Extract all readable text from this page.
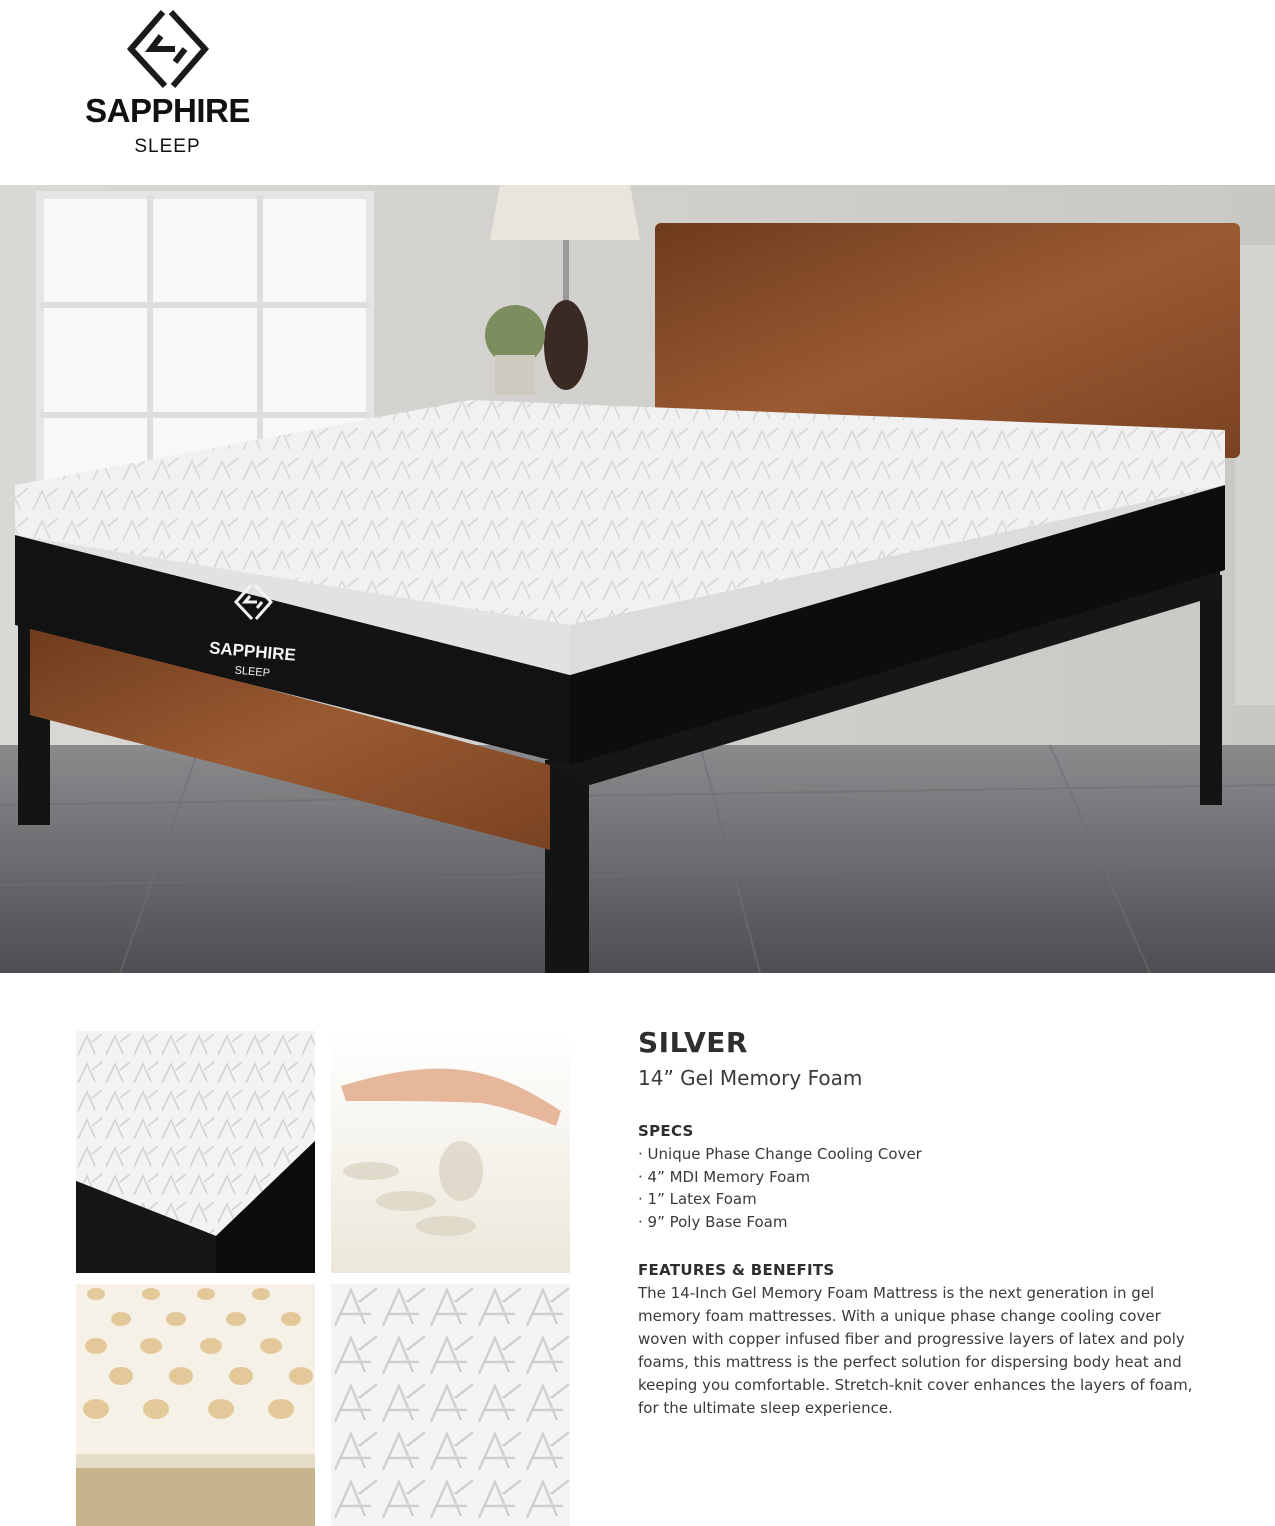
SAPPHIRE
SLEEP
SAPPHIRE
SLEEP
SILVER
14” Gel Memory Foam
SPECS
· Unique Phase Change Cooling Cover
· 4” MDI Memory Foam
· 1” Latex Foam
· 9” Poly Base Foam
FEATURES & BENEFITS
The 14-Inch Gel Memory Foam Mattress is the next generation in gel memory foam mattresses. With a unique phase change cooling cover woven with copper infused fiber and progressive layers of latex and poly foams, this mattress is the perfect solution for dispersing body heat and keeping you comfortable. Stretch-knit cover enhances the layers of foam, for the ultimate sleep experience.
